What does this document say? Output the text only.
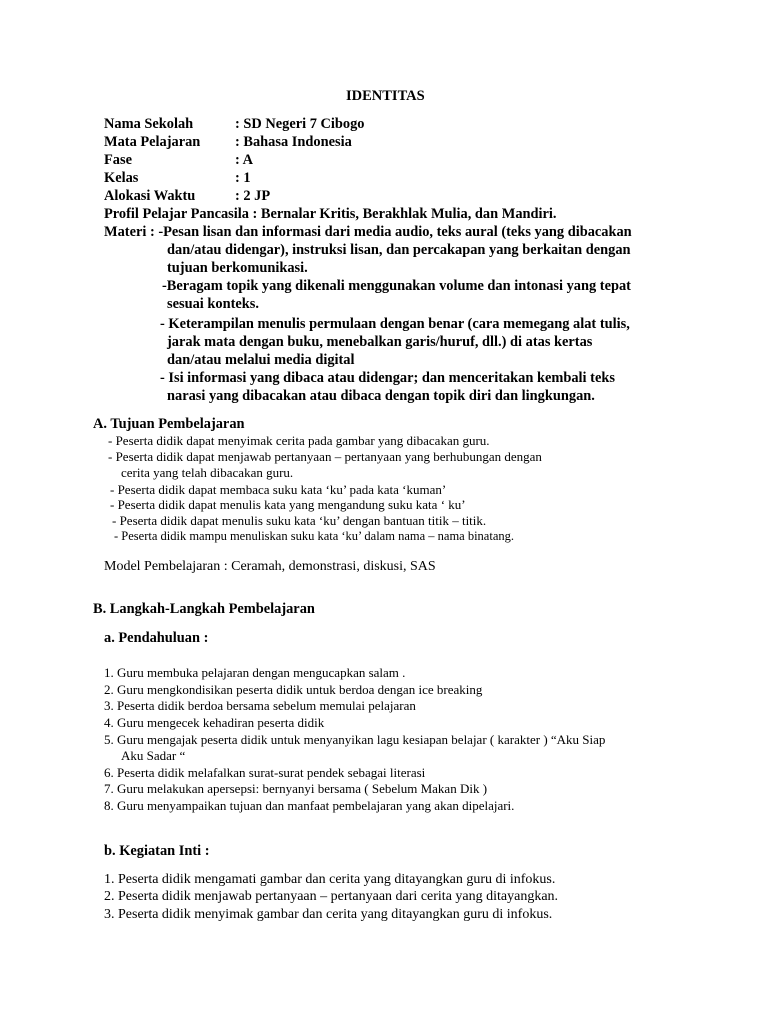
IDENTITAS
Nama Sekolah	: SD Negeri 7 Cibogo
Mata Pelajaran : Bahasa Indonesia
Fase	: A
Kelas	: 1
Alokasi Waktu	: 2 JP
Profil Pelajar Pancasila : Bernalar Kritis, Berakhlak Mulia, dan Mandiri.
Materi : -Pesan lisan dan informasi dari media audio, teks aural (teks yang dibacakan
dan/atau didengar), instruksi lisan, dan percakapan yang berkaitan dengan
tujuan berkomunikasi.
-Beragam topik yang dikenali menggunakan volume dan intonasi yang tepat
sesuai konteks.
- Keterampilan menulis permulaan dengan benar (cara memegang alat tulis,
jarak mata dengan buku, menebalkan garis/huruf, dll.) di atas kertas
dan/atau melalui media digital
- Isi informasi yang dibaca atau didengar; dan menceritakan kembali teks
narasi yang dibacakan atau dibaca dengan topik diri dan lingkungan.
A. Tujuan Pembelajaran
- Peserta didik dapat menyimak cerita pada gambar yang dibacakan guru.
- Peserta didik dapat menjawab pertanyaan – pertanyaan yang berhubungan dengan
cerita yang telah dibacakan guru.
- Peserta didik dapat membaca suku kata ‘ku’ pada kata ‘kuman’
- Peserta didik dapat menulis kata yang mengandung suku kata ‘ ku’
- Peserta didik dapat menulis suku kata ‘ku’ dengan bantuan titik – titik.
- Peserta didik mampu menuliskan suku kata ‘ku’ dalam nama – nama binatang.
Model Pembelajaran : Ceramah, demonstrasi, diskusi, SAS
B. Langkah-Langkah Pembelajaran
a. Pendahuluan :
1. Guru membuka pelajaran dengan mengucapkan salam .
2. Guru mengkondisikan peserta didik untuk berdoa dengan ice breaking
3. Peserta didik berdoa bersama sebelum memulai pelajaran
4. Guru mengecek kehadiran peserta didik
5. Guru mengajak peserta didik untuk menyanyikan lagu kesiapan belajar ( karakter ) “Aku Siap
Aku Sadar “
6. Peserta didik melafalkan surat-surat pendek sebagai literasi
7. Guru melakukan apersepsi: bernyanyi bersama ( Sebelum Makan Dik )
8. Guru menyampaikan tujuan dan manfaat pembelajaran yang akan dipelajari.
b. Kegiatan Inti :
1. Peserta didik mengamati gambar dan cerita yang ditayangkan guru di infokus.
2. Peserta didik menjawab pertanyaan – pertanyaan dari cerita yang ditayangkan.
3. Peserta didik menyimak gambar dan cerita yang ditayangkan guru di infokus.
